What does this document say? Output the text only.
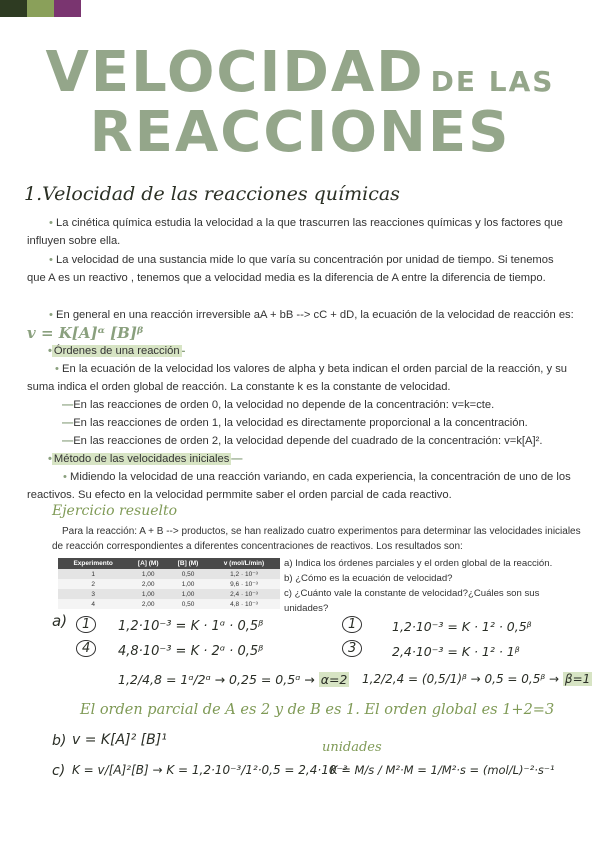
VELOCIDAD DE LAS
REACCIONES
1.Velocidad de las reacciones químicas
• La cinética química estudia la velocidad a la que trascurren las reacciones químicas y los factores que influyen sobre ella.
• La velocidad de una sustancia mide lo que varía su concentración por unidad de tiempo. Si tenemos que A es un reactivo , tenemos que a velocidad media es la diferencia de A entre la diferencia de tiempo.
• En general en una reacción irreversible aA + bB --> cC + dD, la ecuación de la velocidad de reacción es: v = K[A]ᵅ [B]ᵝ
• Órdenes de una reacción -
• En la ecuación de la velocidad los valores de alpha y beta indican el orden parcial de la reacción, y su suma indica el orden global de reacción. La constante k es la constante de velocidad.
—En las reacciones de orden 0, la velocidad no depende de la concentración: v=k=cte.
—En las reacciones de orden 1, la velocidad es directamente proporcional a la concentración.
—En las reacciones de orden 2, la velocidad depende del cuadrado de la concentración: v=k[A]².
• Método de las velocidades iniciales —
• Midiendo la velocidad de una reacción variando, en cada experiencia, la concentración de uno de los reactivos. Su efecto en la velocidad permmite saber el orden parcial de cada reactivo.
Ejercicio resuelto
Para la reacción: A + B --> productos, se han realizado cuatro experimentos para determinar las velocidades iniciales de reacción correspondientes a diferentes concentraciones de reactivos. Los resultados son:
Experimento	[A] (M)	[B] (M)	v (mol/L/min)
1	1,00	0,50	1,2 · 10⁻³
2	2,00	1,00	9,6 · 10⁻³
3	1,00	1,00	2,4 · 10⁻³
4	2,00	0,50	4,8 · 10⁻³
a) Indica los órdenes parciales y el orden global de la reacción.
b) ¿Cómo es la ecuación de velocidad?
c) ¿Cuánto vale la constante de velocidad?¿Cuáles son sus unidades?
a)	1
4
1,2·10⁻³ = K · 1ᵅ · 0,5ᵝ
4,8·10⁻³ = K · 2ᵅ · 0,5ᵝ
1,2/4,8 = 1ᵅ/2ᵅ → 0,25 = 0,5ᵅ → α=2
1
3
1,2·10⁻³ = K · 1² · 0,5ᵝ
2,4·10⁻³ = K · 1² · 1ᵝ
1,2/2,4 = (0,5/1)ᵝ → 0,5 = 0,5ᵝ → β=1
El orden parcial de A es 2 y de B es 1. El orden global es 1+2=3
b) v = K[A]² [B]¹	unidades
c) K = v/[A]²[B] → K = 1,2·10⁻³/1²·0,5 = 2,4·10⁻³
K = M/s / M²·M = 1/M²·s = (mol/L)⁻²·s⁻¹
